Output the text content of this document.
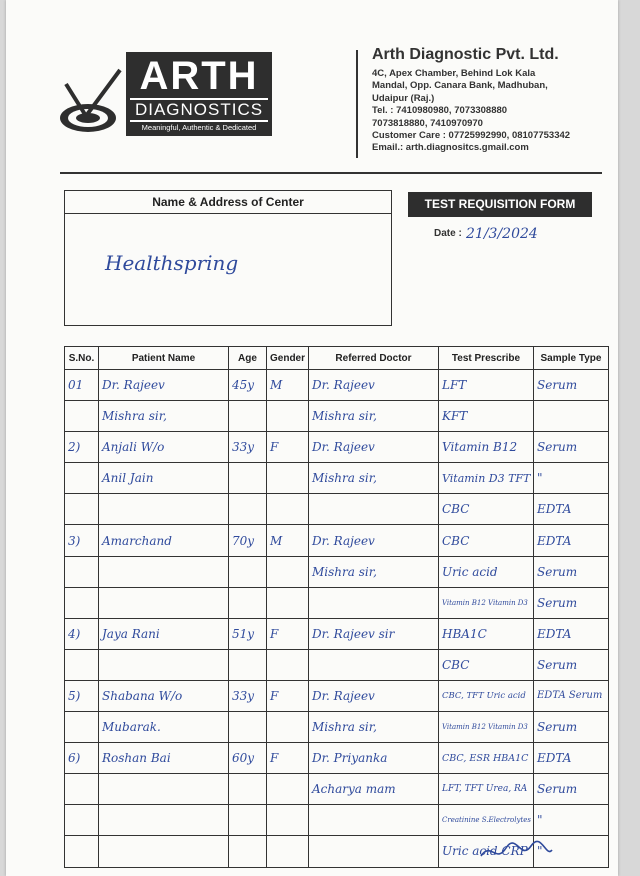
ARTH
DIAGNOSTICS
Meaningful, Authentic & Dedicated
Arth Diagnostic Pvt. Ltd.
4C, Apex Chamber, Behind Lok Kala
Mandal, Opp. Canara Bank, Madhuban,
Udaipur (Raj.)
Tel. : 7410980980, 7073308880
7073818880, 7410970970
Customer Care : 07725992990, 08107753342
Email.: arth.diagnositcs.gmail.com
Name & Address of Center
Healthspring
TEST REQUISITION FORM
Date : 21/3/2024
S.No.	Patient Name	Age	Gender	Referred Doctor	Test Prescribe	Sample Type
01	Dr. Rajeev	45y	M	Dr. Rajeev	LFT	Serum
	Mishra sir,			Mishra sir,	KFT	
2)	Anjali W/o	33y	F	Dr. Rajeev	Vitamin B12	Serum
	Anil Jain			Mishra sir,	Vitamin D3 TFT	"
					CBC	EDTA
3)	Amarchand	70y	M	Dr. Rajeev	CBC	EDTA
				Mishra sir,	Uric acid	Serum
					Vitamin B12 Vitamin D3	Serum
4)	Jaya Rani	51y	F	Dr. Rajeev sir	HBA1C	EDTA
					CBC	Serum
5)	Shabana W/o	33y	F	Dr. Rajeev	CBC, TFT Uric acid	EDTA Serum
	Mubarak.			Mishra sir,	Vitamin B12 Vitamin D3	Serum
6)	Roshan Bai	60y	F	Dr. Priyanka	CBC, ESR HBA1C	EDTA
				Acharya mam	LFT, TFT Urea, RA	Serum
					Creatinine S.Electrolytes	"
					Uric acid CRP	"
